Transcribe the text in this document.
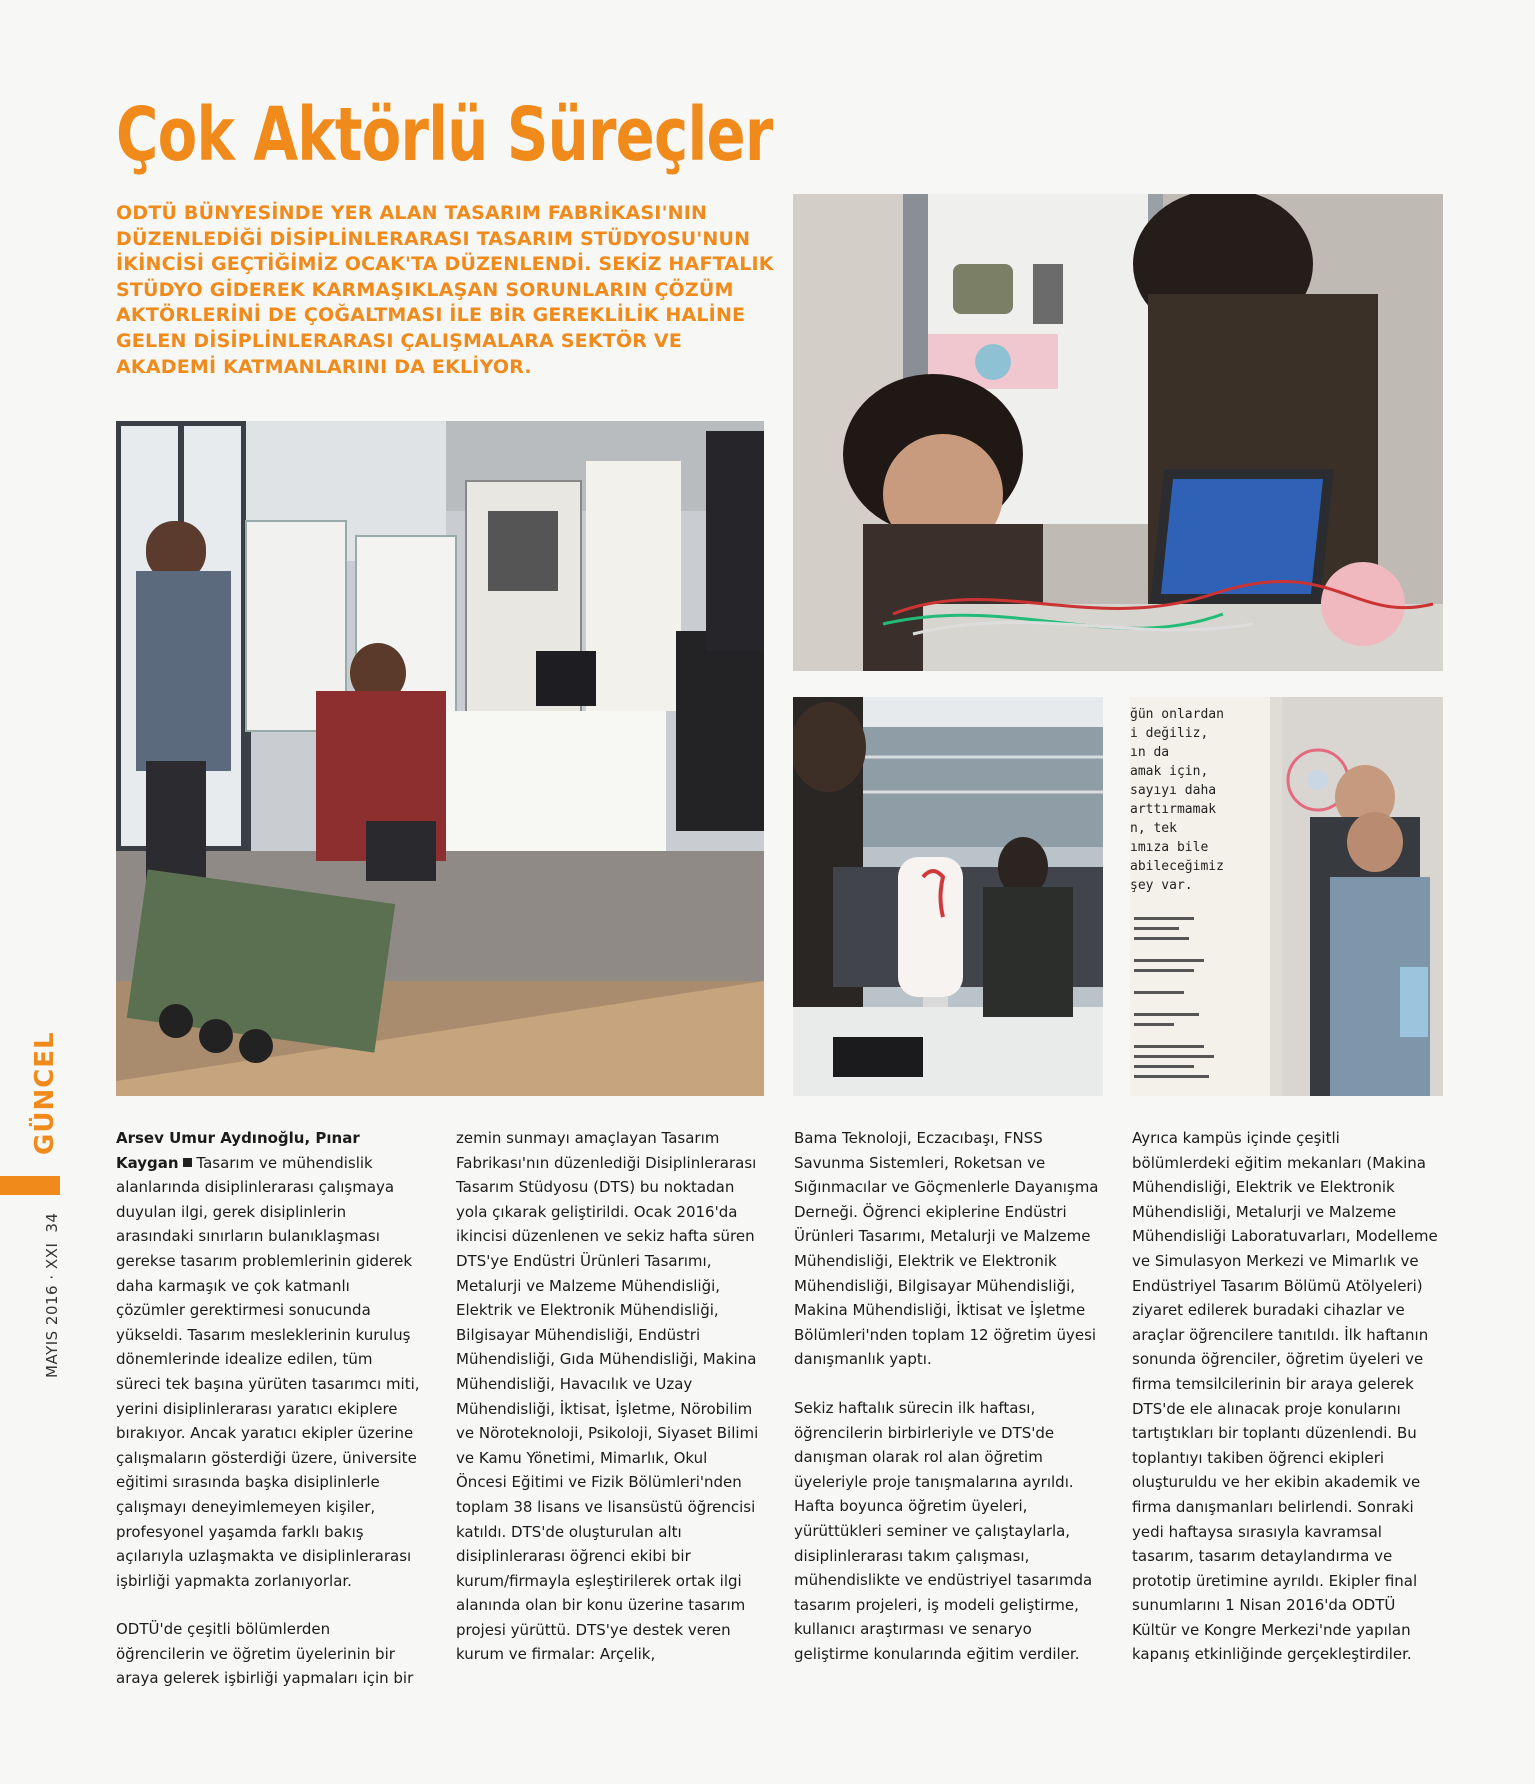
Çok Aktörlü Süreçler

ODTÜ BÜNYESİNDE YER ALAN TASARIM FABRİKASI'NIN DÜZENLEDİĞİ DİSİPLİNLERARASI TASARIM STÜDYOSU'NUN İKİNCİSİ GEÇTİĞİMİZ OCAK'TA DÜZENLENDİ. SEKİZ HAFTALIK STÜDYO GİDEREK KARMAŞIKLAŞAN SORUNLARIN ÇÖZÜM AKTÖRLERİNİ DE ÇOĞALTMASI İLE BİR GEREKLİLİK HALİNE GELEN DİSİPLİNLERARASI ÇALIŞMALARA SEKTÖR VE AKADEMİ KATMANLARINI DA EKLİYOR.

ğün onlardan
i değiliz,
ın da
amak için,
sayıyı daha
arttırmamak
n, tek
ımıza bile
abileceğimiz
şey var.

Arsev Umur Aydınoğlu, Pınar Kaygan Tasarım ve mühendislik alanlarında disiplinlerarası çalışmaya duyulan ilgi, gerek disiplinlerin arasındaki sınırların bulanıklaşması gerekse tasarım problemlerinin giderek daha karmaşık ve çok katmanlı çözümler gerektirmesi sonucunda yükseldi. Tasarım mesleklerinin kuruluş dönemlerinde idealize edilen, tüm süreci tek başına yürüten tasarımcı miti, yerini disiplinlerarası yaratıcı ekiplere bırakıyor. Ancak yaratıcı ekipler üzerine çalışmaların gösterdiği üzere, üniversite eğitimi sırasında başka disiplinlerle çalışmayı deneyimlemeyen kişiler, profesyonel yaşamda farklı bakış açılarıyla uzlaşmakta ve disiplinlerarası işbirliği yapmakta zorlanıyorlar.

ODTÜ'de çeşitli bölümlerden öğrencilerin ve öğretim üyelerinin bir araya gelerek işbirliği yapmaları için bir

zemin sunmayı amaçlayan Tasarım Fabrikası'nın düzenlediği Disiplinlerarası Tasarım Stüdyosu (DTS) bu noktadan yola çıkarak geliştirildi. Ocak 2016'da ikincisi düzenlenen ve sekiz hafta süren DTS'ye Endüstri Ürünleri Tasarımı, Metalurji ve Malzeme Mühendisliği, Elektrik ve Elektronik Mühendisliği, Bilgisayar Mühendisliği, Endüstri Mühendisliği, Gıda Mühendisliği, Makina Mühendisliği, Havacılık ve Uzay Mühendisliği, İktisat, İşletme, Nörobilim ve Nöroteknoloji, Psikoloji, Siyaset Bilimi ve Kamu Yönetimi, Mimarlık, Okul Öncesi Eğitimi ve Fizik Bölümleri'nden toplam 38 lisans ve lisansüstü öğrencisi katıldı. DTS'de oluşturulan altı disiplinlerarası öğrenci ekibi bir kurum/firmayla eşleştirilerek ortak ilgi alanında olan bir konu üzerine tasarım projesi yürüttü. DTS'ye destek veren kurum ve firmalar: Arçelik,

Bama Teknoloji, Eczacıbaşı, FNSS Savunma Sistemleri, Roketsan ve Sığınmacılar ve Göçmenlerle Dayanışma Derneği. Öğrenci ekiplerine Endüstri Ürünleri Tasarımı, Metalurji ve Malzeme Mühendisliği, Elektrik ve Elektronik Mühendisliği, Bilgisayar Mühendisliği, Makina Mühendisliği, İktisat ve İşletme Bölümleri'nden toplam 12 öğretim üyesi danışmanlık yaptı.

Sekiz haftalık sürecin ilk haftası, öğrencilerin birbirleriyle ve DTS'de danışman olarak rol alan öğretim üyeleriyle proje tanışmalarına ayrıldı. Hafta boyunca öğretim üyeleri, yürüttükleri seminer ve çalıştaylarla, disiplinlerarası takım çalışması, mühendislikte ve endüstriyel tasarımda tasarım projeleri, iş modeli geliştirme, kullanıcı araştırması ve senaryo geliştirme konularında eğitim verdiler.

Ayrıca kampüs içinde çeşitli bölümlerdeki eğitim mekanları (Makina Mühendisliği, Elektrik ve Elektronik Mühendisliği, Metalurji ve Malzeme Mühendisliği Laboratuvarları, Modelleme ve Simulasyon Merkezi ve Mimarlık ve Endüstriyel Tasarım Bölümü Atölyeleri) ziyaret edilerek buradaki cihazlar ve araçlar öğrencilere tanıtıldı. İlk haftanın sonunda öğrenciler, öğretim üyeleri ve firma temsilcilerinin bir araya gelerek DTS'de ele alınacak proje konularını tartıştıkları bir toplantı düzenlendi. Bu toplantıyı takiben öğrenci ekipleri oluşturuldu ve her ekibin akademik ve firma danışmanları belirlendi. Sonraki yedi haftaysa sırasıyla kavramsal tasarım, tasarım detaylandırma ve prototip üretimine ayrıldı. Ekipler final sunumlarını 1 Nisan 2016'da ODTÜ Kültür ve Kongre Merkezi'nde yapılan kapanış etkinliğinde gerçekleştirdiler.

GÜNCEL
MAYIS 2016 · XXI34
